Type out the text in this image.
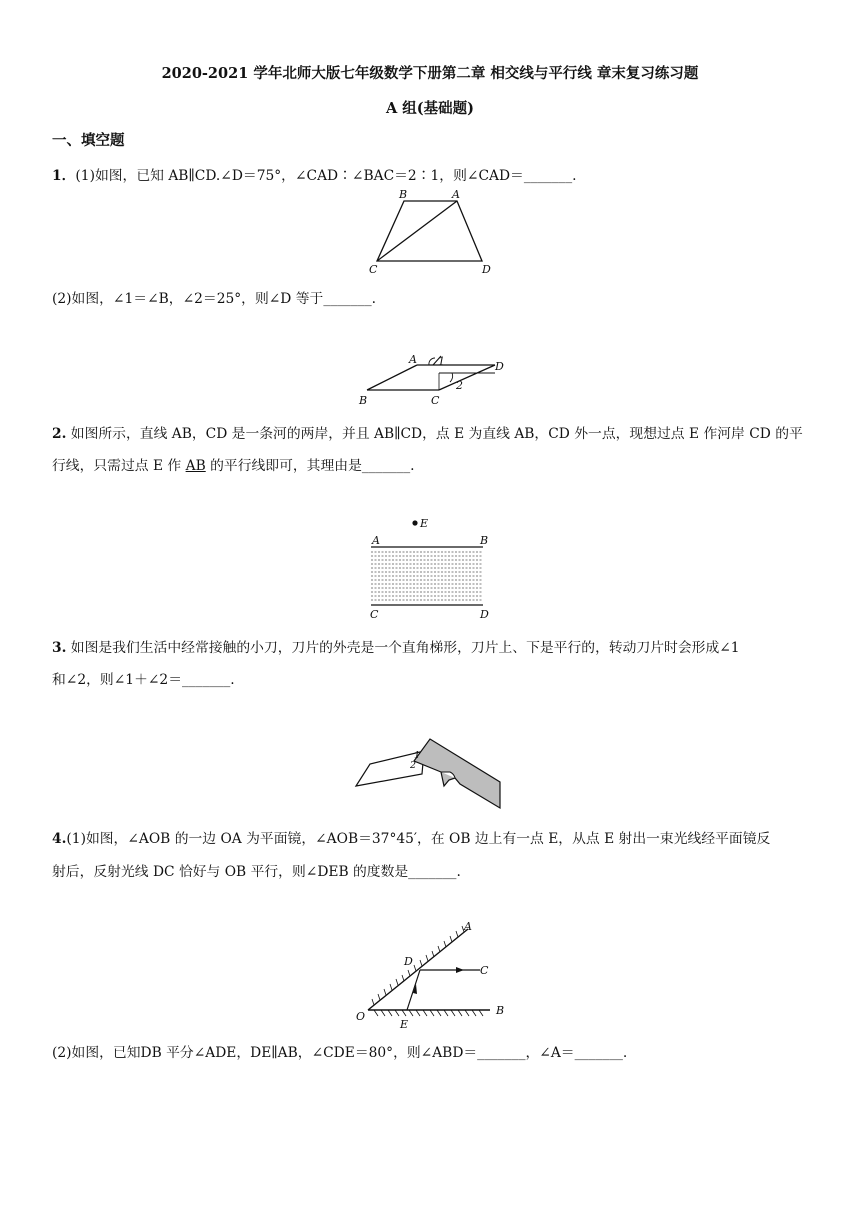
2020-2021 学年北师大版七年级数学下册第二章 相交线与平行线 章末复习练习题
A 组(基础题)
一、填空题
1．(1)如图，已知 AB∥CD.∠D＝75°，∠CAD∶∠BAC＝2∶1，则∠CAD＝_______.
B	A
C	D
(2)如图，∠1＝∠B，∠2＝25°，则∠D 等于_______.
A 1	D
2
B	C
2. 如图所示，直线 AB，CD 是一条河的两岸，并且 AB∥CD，点 E 为直线 AB，CD 外一点，现想过点 E 作河岸 CD 的平
行线，只需过点 E 作 AB 的平行线即可，其理由是_______.
E
A	B
C	D
3. 如图是我们生活中经常接触的小刀，刀片的外壳是一个直角梯形，刀片上、下是平行的，转动刀片时会形成∠1
和∠2，则∠1＋∠2＝_______.
1
2
4.(1)如图，∠AOB 的一边 OA 为平面镜，∠AOB＝37°45′，在 OB 边上有一点 E，从点 E 射出一束光线经平面镜反
射后，反射光线 DC 恰好与 OB 平行，则∠DEB 的度数是_______.
A
D
C
O
E
B
(2)如图，已知DB 平分∠ADE，DE∥AB，∠CDE＝80°，则∠ABD＝_______，∠A＝_______.
